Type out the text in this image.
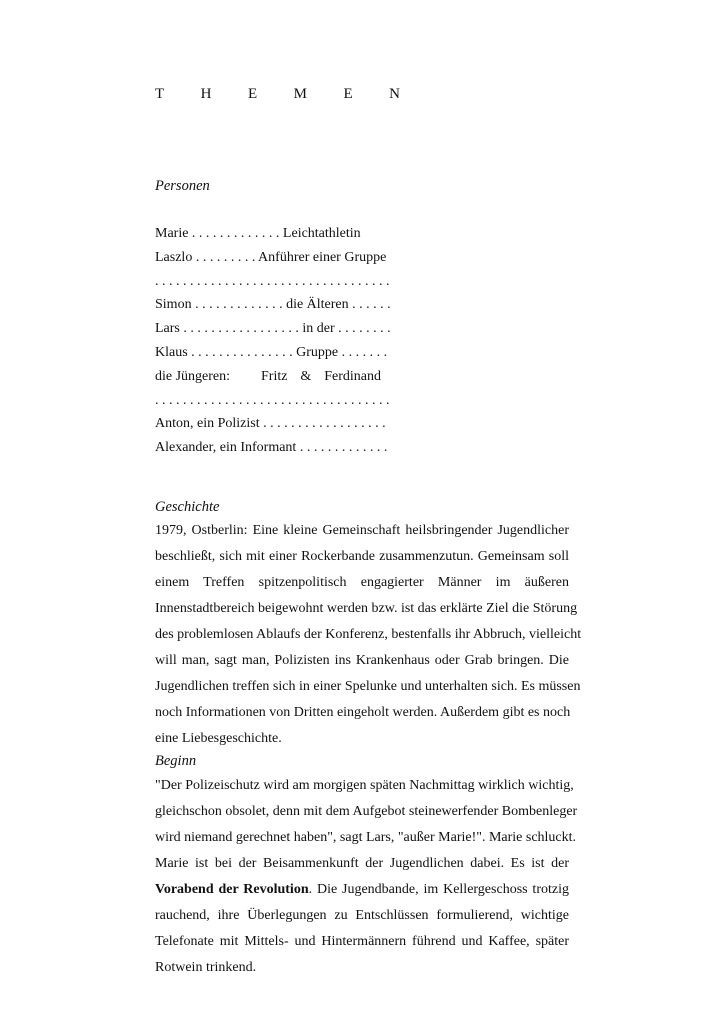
T H E M E N
Personen
Marie . . . . . . . . . . . . . Leichtathletin
Laszlo . . . . . . . . . Anführer einer Gruppe
. . . . . . . . . . . . . . . . . . . . . . . . . . . . . . . . . .
Simon . . . . . . . . . . . . . die Älteren . . . . . .
Lars . . . . . . . . . . . . . . . . . in der . . . . . . . .
Klaus . . . . . . . . . . . . . . . Gruppe . . . . . . .
die Jüngeren: Fritz & Ferdinand
. . . . . . . . . . . . . . . . . . . . . . . . . . . . . . . . . .
Anton, ein Polizist . . . . . . . . . . . . . . . . . .
Alexander, ein Informant . . . . . . . . . . . . .
Geschichte
1979, Ostberlin: Eine kleine Gemeinschaft heilsbringender Jugendlicher
beschließt, sich mit einer Rockerbande zusammenzutun. Gemeinsam soll
einem Treffen spitzenpolitisch engagierter Männer im äußeren
Innenstadtbereich beigewohnt werden bzw. ist das erklärte Ziel die Störung
des problemlosen Ablaufs der Konferenz, bestenfalls ihr Abbruch, vielleicht
will man, sagt man, Polizisten ins Krankenhaus oder Grab bringen. Die
Jugendlichen treffen sich in einer Spelunke und unterhalten sich. Es müssen
noch Informationen von Dritten eingeholt werden. Außerdem gibt es noch
eine Liebesgeschichte.
Beginn
"Der Polizeischutz wird am morgigen späten Nachmittag wirklich wichtig,
gleichschon obsolet, denn mit dem Aufgebot steinewerfender Bombenleger
wird niemand gerechnet haben", sagt Lars, "außer Marie!". Marie schluckt.
Marie ist bei der Beisammenkunft der Jugendlichen dabei. Es ist der
Vorabend der Revolution. Die Jugendbande, im Kellergeschoss trotzig
rauchend, ihre Überlegungen zu Entschlüssen formulierend, wichtige
Telefonate mit Mittels- und Hintermännern führend und Kaffee, später
Rotwein trinkend.
